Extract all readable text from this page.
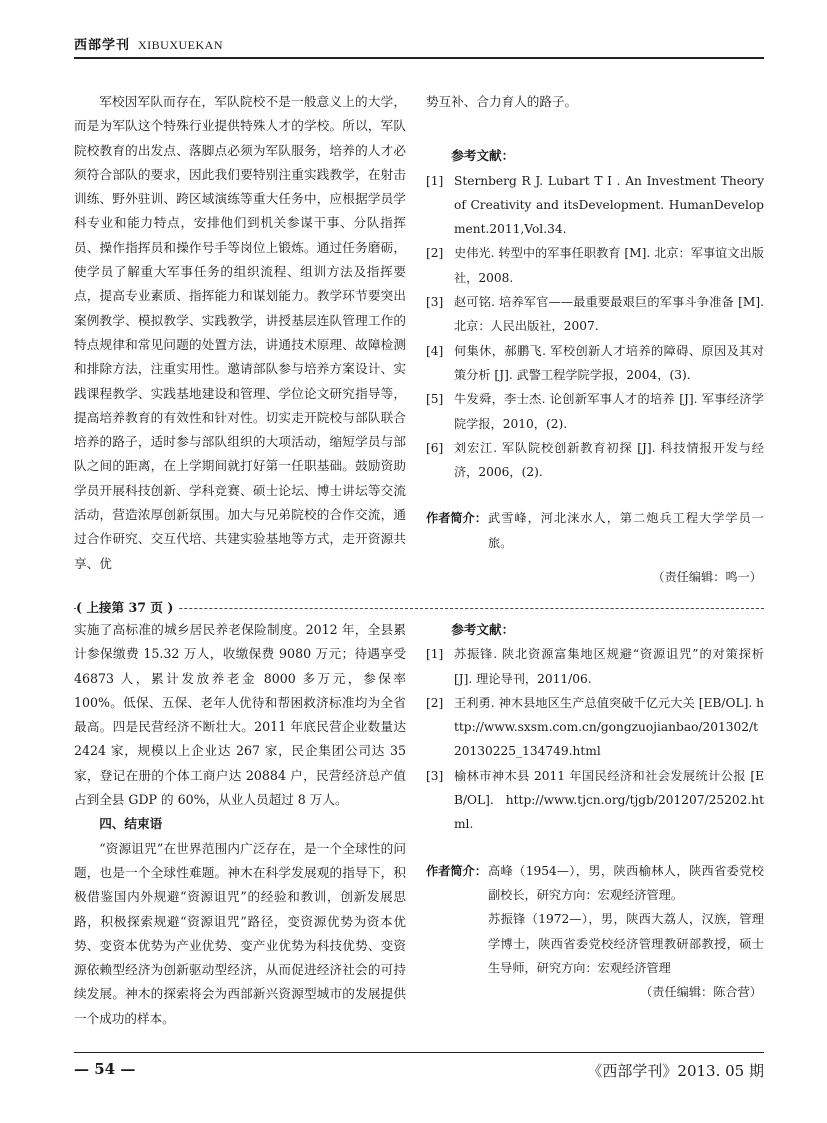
西部学刊 XIBUXUEKAN

军校因军队而存在，军队院校不是一般意义上的大学，而是为军队这个特殊行业提供特殊人才的学校。所以，军队院校教育的出发点、落脚点必须为军队服务，培养的人才必须符合部队的要求，因此我们要特别注重实践教学，在射击训练、野外驻训、跨区域演练等重大任务中，应根据学员学科专业和能力特点，安排他们到机关参谋干事、分队指挥员、操作指挥员和操作号手等岗位上锻炼。通过任务磨砺，使学员了解重大军事任务的组织流程、组训方法及指挥要点，提高专业素质、指挥能力和谋划能力。教学环节要突出案例教学、模拟教学、实践教学，讲授基层连队管理工作的特点规律和常见问题的处置方法，讲通技术原理、故障检测和排除方法，注重实用性。邀请部队参与培养方案设计、实践课程教学、实践基地建设和管理、学位论文研究指导等，提高培养教育的有效性和针对性。切实走开院校与部队联合培养的路子，适时参与部队组织的大项活动，缩短学员与部队之间的距离，在上学期间就打好第一任职基础。鼓励资助学员开展科技创新、学科竞赛、硕士论坛、博士讲坛等交流活动，营造浓厚创新氛围。加大与兄弟院校的合作交流，通过合作研究、交互代培、共建实验基地等方式，走开资源共享、优

势互补、合力育人的路子。

参考文献：

[1] Sternberg R J. Lubart T I . An Investment Theory of Creativity and itsDevelopment. HumanDevelopment.2011,Vol.34.
[2] 史伟光. 转型中的军事任职教育 [M]. 北京：军事谊文出版社，2008.
[3] 赵可铭. 培养军官——最重要最艰巨的军事斗争准备 [M]. 北京：人民出版社，2007.
[4] 何集休，郝鹏飞. 军校创新人才培养的障碍、原因及其对策分析 [J]. 武警工程学院学报，2004，(3).
[5] 牛发舜，李士杰. 论创新军事人才的培养 [J]. 军事经济学院学报，2010，(2).
[6] 刘宏江. 军队院校创新教育初探 [J]. 科技情报开发与经济，2006，(2).
作者简介： 武雪峰，河北涞水人，第二炮兵工程大学学员一旅。
（责任编辑：鸣一）
( 上接第 37 页 )

实施了高标准的城乡居民养老保险制度。2012 年，全县累计参保缴费 15.32 万人，收缴保费 9080 万元；待遇享受 46873 人，累计发放养老金 8000 多万元，参保率 100%。低保、五保、老年人优待和帮困救济标准均为全省最高。四是民营经济不断壮大。2011 年底民营企业数量达 2424 家，规模以上企业达 267 家，民企集团公司达 35 家，登记在册的个体工商户达 20884 户，民营经济总产值占到全县 GDP 的 60%，从业人员超过 8 万人。

四、结束语

“资源诅咒”在世界范围内广泛存在，是一个全球性的问题，也是一个全球性难题。神木在科学发展观的指导下，积极借鉴国内外规避“资源诅咒”的经验和教训，创新发展思路，积极探索规避“资源诅咒”路径，变资源优势为资本优势、变资本优势为产业优势、变产业优势为科技优势、变资源依赖型经济为创新驱动型经济，从而促进经济社会的可持续发展。神木的探索将会为西部新兴资源型城市的发展提供一个成功的样本。

参考文献：

[1] 苏振锋. 陕北资源富集地区规避“资源诅咒”的对策探析 [J]. 理论导刊，2011/06.
[2] 王利勇. 神木县地区生产总值突破千亿元大关 [EB/OL]. http://www.sxsm.com.cn/gongzuojianbao/201302/t20130225_134749.html
[3] 榆林市神木县 2011 年国民经济和社会发展统计公报 [EB/OL]. http://www.tjcn.org/tjgb/201207/25202.html.
作者简介： 高峰（1954—），男，陕西榆林人，陕西省委党校副校长，研究方向：宏观经济管理。
苏振锋（1972—），男，陕西大荔人，汉族，管理学博士，陕西省委党校经济管理教研部教授，硕士生导师，研究方向：宏观经济管理
（责任编辑：陈合营）
— 54 —	《西部学刊》2013. 05 期
